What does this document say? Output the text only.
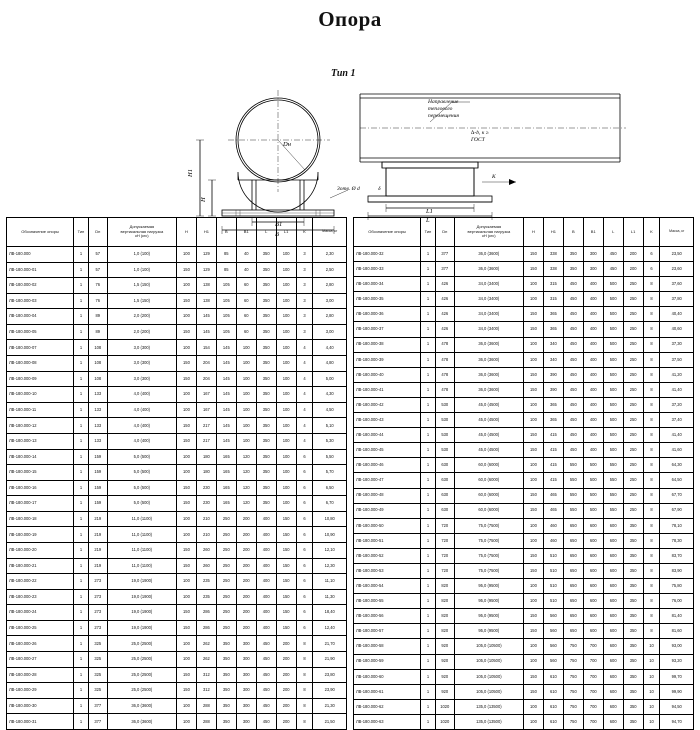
Опора
Тип 1
Dн
H1
H
B1
B
L1
L
Направление
теплового
перемещения
∆-b, к ≥
ГОСТ
3отв. Ø d	δ
K
Обозначение опоры	Тип	Dн	Допускаемая
вертикальная нагрузка
кН (кгс)	H	H1	B	B1	L	L1	K	Масса, кг
ЛВ-180.000	1	57	1,0 (100)	100	129	85	40	350	100	3	2,30
ЛВ-180.000-01	1	57	1,0 (100)	150	129	85	40	350	100	3	2,50
ЛВ-180.000-02	1	76	1,5 (150)	100	138	105	60	350	100	3	2,80
ЛВ-180.000-03	1	76	1,5 (150)	150	138	105	60	350	100	3	3,00
ЛВ-180.000-04	1	89	2,0 (200)	100	145	105	60	350	100	3	2,80
ЛВ-180.000-05	1	89	2,0 (200)	150	145	105	60	350	100	3	3,00
ЛВ-180.000-07	1	108	3,0 (300)	100	154	145	100	350	100	4	4,40
ЛВ-180.000-08	1	108	3,0 (300)	150	204	145	100	350	100	4	4,80
ЛВ-180.000-09	1	108	3,0 (300)	150	204	145	100	350	100	4	5,00
ЛВ-180.000-10	1	133	4,0 (400)	100	167	145	100	350	100	4	4,30
ЛВ-180.000-11	1	133	4,0 (400)	100	167	145	100	350	100	4	4,50
ЛВ-180.000-12	1	133	4,0 (400)	150	217	145	100	350	100	4	5,10
ЛВ-180.000-13	1	133	4,0 (400)	150	217	145	100	350	100	4	5,30
ЛВ-180.000-14	1	159	5,0 (500)	100	180	165	120	350	100	6	5,50
ЛВ-180.000-15	1	159	5,0 (500)	100	180	165	120	350	100	6	5,70
ЛВ-180.000-16	1	159	5,0 (500)	150	230	165	120	350	100	6	6,50
ЛВ-180.000-17	1	159	5,0 (500)	150	230	165	120	350	100	6	6,70
ЛВ-180.000-18	1	219	11,0 (1100)	100	210	250	200	400	150	6	10,80
ЛВ-180.000-19	1	219	11,0 (1100)	100	210	250	200	400	150	6	10,90
ЛВ-180.000-20	1	219	11,0 (1100)	150	260	250	200	400	150	6	12,10
ЛВ-180.000-21	1	219	11,0 (1100)	150	260	250	200	400	150	6	12,30
ЛВ-180.000-22	1	273	19,0 (1900)	100	235	250	200	400	150	6	11,10
ЛВ-180.000-23	1	273	19,0 (1900)	100	235	250	200	400	150	6	11,30
ЛВ-180.000-24	1	273	19,0 (1900)	150	286	250	200	400	150	6	18,40
ЛВ-180.000-25	1	273	19,0 (1900)	150	286	250	200	400	150	6	12,40
ЛВ-180.000-26	1	325	25,0 (2500)	100	262	350	300	450	200	8	21,70
ЛВ-180.000-27	1	325	25,0 (2500)	100	262	350	300	450	200	8	21,90
ЛВ-180.000-28	1	325	25,0 (2500)	150	312	350	300	450	200	8	23,80
ЛВ-180.000-29	1	325	25,0 (2500)	150	312	350	300	450	200	8	23,90
ЛВ-180.000-30	1	377	36,0 (3600)	100	288	350	300	450	200	8	21,30
ЛВ-180.000-31	1	377	36,0 (3600)	100	288	350	300	450	200	8	21,50
Обозначение опоры	Тип	Dн	Допускаемая
вертикальная нагрузка
кН (кгс)	H	H1	B	B1	L	L1	K	Масса, кг
ЛВ-180.000-32	1	377	36,0 (3600)	150	338	350	300	450	200	6	23,50
ЛВ-180.000-33	1	377	36,0 (3600)	150	338	350	300	450	200	6	23,60
ЛВ-180.000-34	1	426	34,0 (3400)	100	315	450	400	500	250	8	37,60
ЛВ-180.000-35	1	426	34,0 (3400)	100	315	450	400	500	250	8	37,80
ЛВ-180.000-36	1	426	34,0 (3400)	150	365	450	400	500	250	8	40,40
ЛВ-180.000-37	1	426	34,0 (3400)	150	365	450	400	500	250	8	40,60
ЛВ-180.000-38	1	478	36,0 (3600)	100	340	450	400	500	250	8	37,30
ЛВ-180.000-39	1	478	36,0 (3600)	100	340	450	400	500	250	8	37,50
ЛВ-180.000-40	1	478	36,0 (3600)	150	390	450	400	500	250	8	41,20
ЛВ-180.000-41	1	478	36,0 (3600)	150	390	450	400	500	250	8	41,40
ЛВ-180.000-42	1	530	45,0 (4500)	100	365	450	400	500	250	8	37,20
ЛВ-180.000-43	1	530	45,0 (4500)	100	365	450	400	500	250	8	37,40
ЛВ-180.000-44	1	530	45,0 (4500)	150	415	450	400	500	250	8	41,40
ЛВ-180.000-45	1	530	45,0 (4500)	150	415	450	400	500	250	8	41,60
ЛВ-180.000-46	1	630	60,0 (6000)	100	415	550	500	550	250	8	64,30
ЛВ-180.000-47	1	630	60,0 (6000)	100	415	550	500	550	250	8	64,50
ЛВ-180.000-48	1	630	60,0 (6000)	150	465	550	500	550	250	8	67,70
ЛВ-180.000-49	1	630	60,0 (6000)	150	465	550	500	550	250	8	67,90
ЛВ-180.000-50	1	720	75,0 (7500)	100	460	650	600	600	350	8	78,10
ЛВ-180.000-51	1	720	75,0 (7500)	100	460	650	600	600	350	8	78,30
ЛВ-180.000-52	1	720	75,0 (7500)	150	510	650	600	600	350	8	83,70
ЛВ-180.000-53	1	720	75,0 (7500)	150	510	650	600	600	350	8	83,90
ЛВ-180.000-54	1	820	95,0 (9500)	100	510	650	600	600	350	8	75,80
ЛВ-180.000-55	1	820	95,0 (9500)	100	510	650	600	600	350	8	76,00
ЛВ-180.000-56	1	820	95,0 (9500)	150	560	650	600	600	350	8	81,40
ЛВ-180.000-57	1	820	95,0 (9500)	150	560	650	600	600	350	8	81,60
ЛВ-180.000-58	1	920	105,0 (10500)	100	560	750	700	600	350	10	93,00
ЛВ-180.000-59	1	920	105,0 (10500)	100	560	750	700	600	350	10	93,20
ЛВ-180.000-60	1	920	105,0 (10500)	150	610	750	700	600	350	10	99,70
ЛВ-180.000-61	1	920	105,0 (10500)	150	610	750	700	600	350	10	99,90
ЛВ-180.000-62	1	1020	135,0 (13500)	100	610	750	700	600	350	10	94,50
ЛВ-180.000-63	1	1020	135,0 (13500)	100	610	750	700	600	350	10	94,70
